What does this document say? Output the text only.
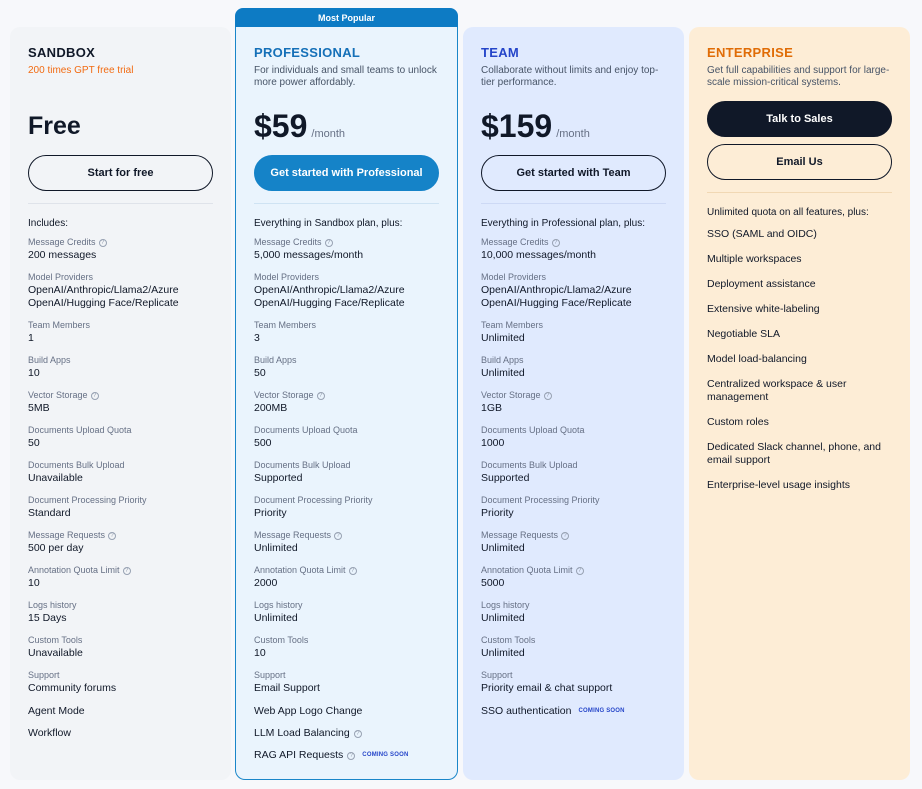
Most Popular
SANDBOX
200 times GPT free trial
Free
Start for free
Includes:
Message Credits ?
200 messages
Model Providers
OpenAI/Anthropic/Llama2/Azure OpenAI/Hugging Face/Replicate
Team Members
1
Build Apps
10
Vector Storage ?
5MB
Documents Upload Quota
50
Documents Bulk Upload
Unavailable
Document Processing Priority
Standard
Message Requests ?
500 per day
Annotation Quota Limit ?
10
Logs history
15 Days
Custom Tools
Unavailable
Support
Community forums
Agent Mode
Workflow
PROFESSIONAL
For individuals and small teams to unlock more power affordably.
$59 /month
Get started with Professional
Everything in Sandbox plan, plus:
Message Credits ?
5,000 messages/month
Model Providers
OpenAI/Anthropic/Llama2/Azure OpenAI/Hugging Face/Replicate
Team Members
3
Build Apps
50
Vector Storage ?
200MB
Documents Upload Quota
500
Documents Bulk Upload
Supported
Document Processing Priority
Priority
Message Requests ?
Unlimited
Annotation Quota Limit ?
2000
Logs history
Unlimited
Custom Tools
10
Support
Email Support
Web App Logo Change
LLM Load Balancing	?
RAG API Requests	?	COMING SOON
TEAM
Collaborate without limits and enjoy top-tier performance.
$159 /month
Get started with Team
Everything in Professional plan, plus:
Message Credits ?
10,000 messages/month
Model Providers
OpenAI/Anthropic/Llama2/Azure OpenAI/Hugging Face/Replicate
Team Members
Unlimited
Build Apps
Unlimited
Vector Storage ?
1GB
Documents Upload Quota
1000
Documents Bulk Upload
Supported
Document Processing Priority
Priority
Message Requests ?
Unlimited
Annotation Quota Limit ?
5000
Logs history
Unlimited
Custom Tools
Unlimited
Support
Priority email & chat support
SSO authentication COMING SOON
ENTERPRISE
Get full capabilities and support for large-scale mission-critical systems.
Talk to Sales
Email Us
Unlimited quota on all features, plus:
SSO (SAML and OIDC)
Multiple workspaces
Deployment assistance
Extensive white-labeling
Negotiable SLA
Model load-balancing
Centralized workspace & user management
Custom roles
Dedicated Slack channel, phone, and email support
Enterprise-level usage insights
